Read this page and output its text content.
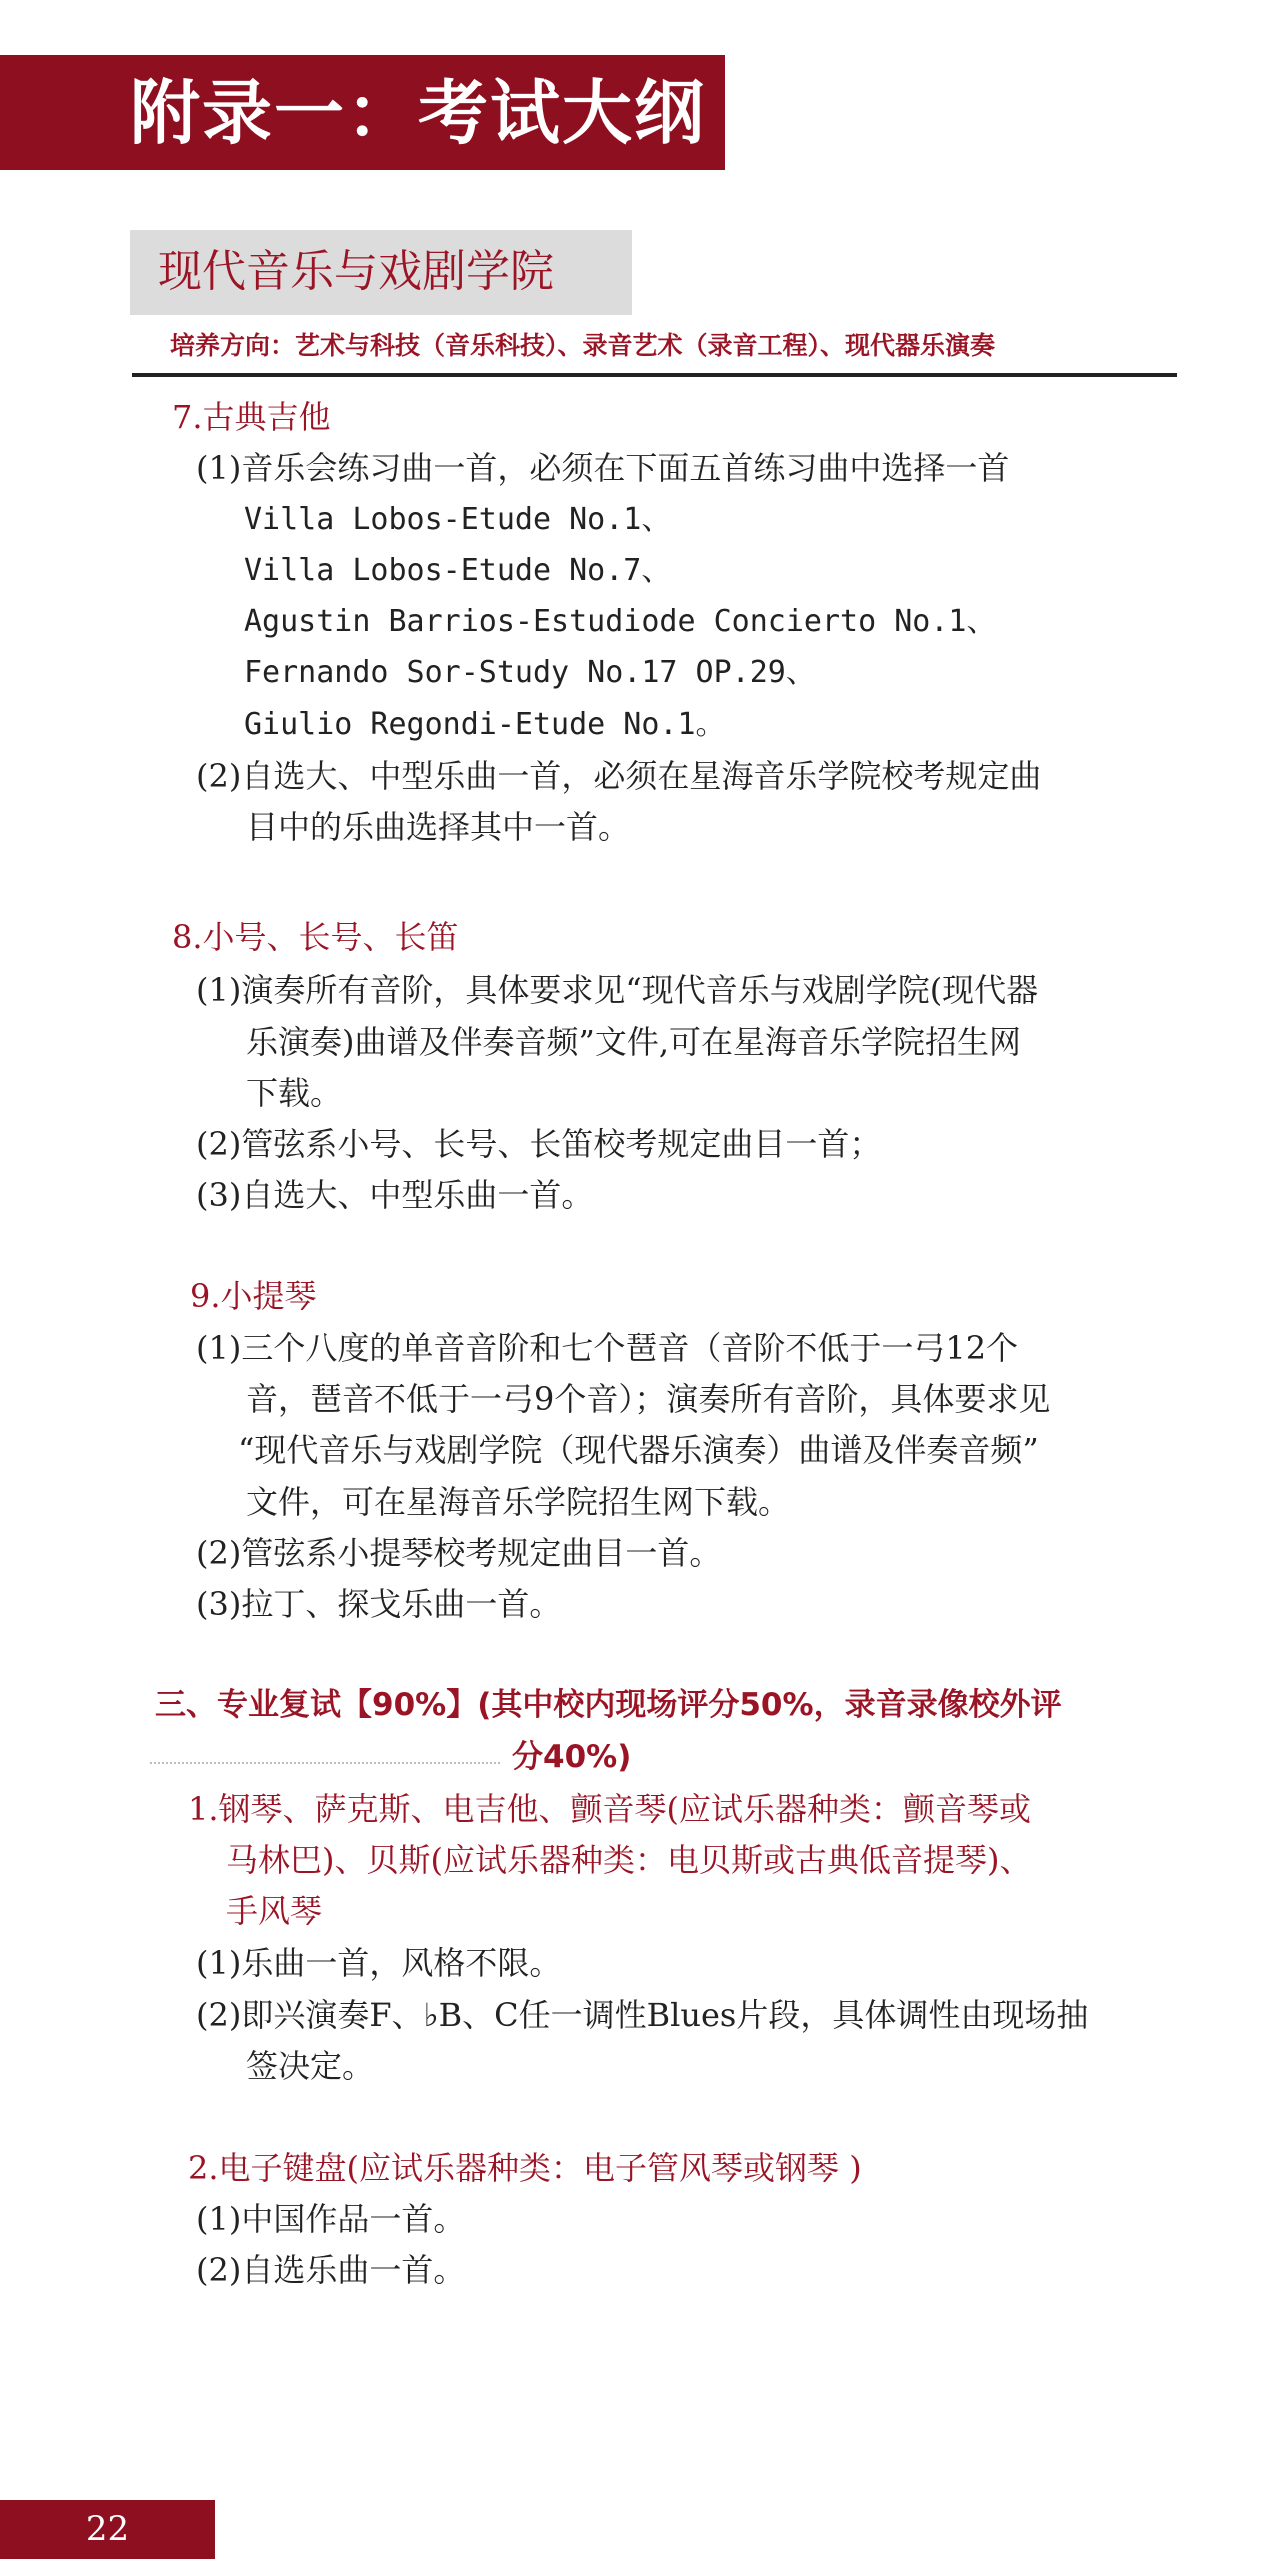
附录一：考试大纲
现代音乐与戏剧学院
培养方向：艺术与科技（音乐科技）、录音艺术（录音工程）、现代器乐演奏
7.古典吉他
(1)音乐会练习曲一首，必须在下面五首练习曲中选择一首
Villa Lobos-Etude No.1、
Villa Lobos-Etude No.7、
Agustin Barrios-Estudiode Concierto No.1、
Fernando Sor-Study No.17 OP.29、
Giulio Regondi-Etude No.1。
(2)自选大、中型乐曲一首，必须在星海音乐学院校考规定曲
目中的乐曲选择其中一首。
8.小号、长号、长笛
(1)演奏所有音阶，具体要求见“现代音乐与戏剧学院(现代器
乐演奏)曲谱及伴奏音频”文件,可在星海音乐学院招生网
下载。
(2)管弦系小号、长号、长笛校考规定曲目一首；
(3)自选大、中型乐曲一首。
9.小提琴
(1)三个八度的单音音阶和七个琶音（音阶不低于一弓12个
音，琶音不低于一弓9个音）；演奏所有音阶，具体要求见
“现代音乐与戏剧学院（现代器乐演奏）曲谱及伴奏音频”
文件，可在星海音乐学院招生网下载。
(2)管弦系小提琴校考规定曲目一首。
(3)拉丁、探戈乐曲一首。
三、专业复试【90%】(其中校内现场评分50%，录音录像校外评
分40%)
1.钢琴、萨克斯、电吉他、颤音琴(应试乐器种类：颤音琴或
马林巴)、贝斯(应试乐器种类：电贝斯或古典低音提琴)、
手风琴
(1)乐曲一首，风格不限。
(2)即兴演奏F、♭B、C任一调性Blues片段，具体调性由现场抽
签决定。
2.电子键盘(应试乐器种类：电子管风琴或钢琴 )
(1)中国作品一首。
(2)自选乐曲一首。
22
